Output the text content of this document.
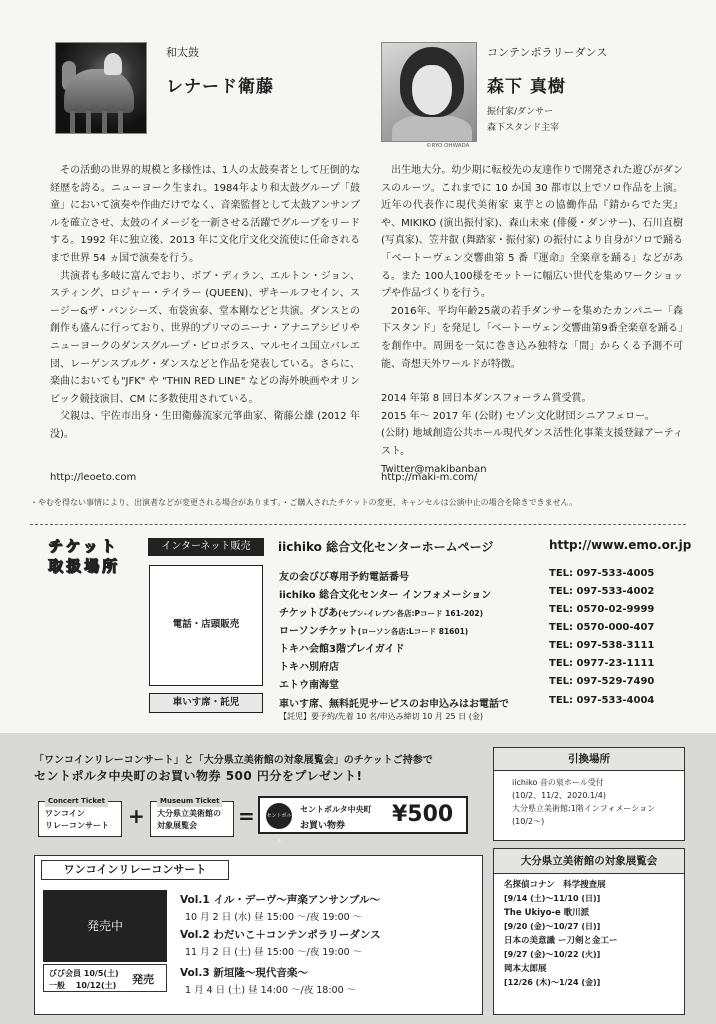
和太鼓
レナード衛藤
©RYO OHWADA
コンテンポラリーダンス
森下 真樹
振付家/ダンサー
森下スタンド主宰

その活動の世界的規模と多様性は、1人の太鼓奏者として圧倒的な経歴を誇る。ニューヨーク生まれ。1984年より和太鼓グループ「鼓童」において演奏や作曲だけでなく、音楽監督として太鼓アンサンブルを確立させ、太鼓のイメージを一新させる活躍でグループをリードする。1992 年に独立後、2013 年に文化庁文化交流使に任命されるまで世界 54 ヵ国で演奏を行う。

共演者も多岐に富んでおり、ボブ・ディラン、エルトン・ジョン、スティング、ロジャー・テイラー (QUEEN)、ザキールフセイン、スージー&ザ・バンシーズ、布袋寅泰、堂本剛などと共演。ダンスとの創作も盛んに行っており、世界的プリマのニーナ・アナニアシビリやニューヨークのダンスグループ・ピロボラス、マルセイユ国立バレエ団、レーゲンスブルグ・ダンスなどと作品を発表している。さらに、楽曲においても"JFK" や "THIN RED LINE" などの海外映画やオリンピック競技演目、CM に多数使用されている。

父親は、宇佐市出身・生田衛藤流家元箏曲家、衛藤公雄 (2012 年没)。

http://leoeto.com

出生地大分。幼少期に転校先の友達作りで開発された遊びがダンスのルーツ。これまでに 10 か国 30 都市以上でソロ作品を上演。近年の代表作に現代美術家 東芋との協働作品『錆からでた実』や、MIKIKO (演出振付家)、森山未來 (俳優・ダンサー)、石川直樹 (写真家)、笠井叡 (舞踏家・振付家) の振付により自身がソロで踊る「ベートーヴェン交響曲第 5 番『運命』全楽章を踊る」などがある。また 100人100様をモットーに幅広い世代を集めワークショップや作品づくりを行う。

2016年、平均年齢25歳の若手ダンサーを集めたカンパニー「森下スタンド」を発足し「ベートーヴェン交響曲第9番全楽章を踊る」を創作中。周囲を一気に巻き込み独特な「間」からくる予測不可能、奇想天外ワールドが特徴。

2014 年第 8 回日本ダンスフォーラム賞受賞。

2015 年～ 2017 年 (公財) セゾン文化財団シニアフェロー。

(公財) 地域創造公共ホール現代ダンス活性化事業支援登録アーティスト。

Twitter@makibanban

http://maki-m.com/
・やむを得ない事情により、出演者などが変更される場合があります。・ご購入されたチケットの変更、キャンセルは公演中止の場合を除きできません。
チケット取扱場所
インターネット販売	iichiko 総合文化センターホームページ	http://www.emo.or.jp
電話・店頭販売
車いす席・託児
友の会びび専用予約電話番号	TEL: 097-533-4005
iichiko 総合文化センター インフォメーション	TEL: 097-533-4002
チケットぴあ(セブン-イレブン各店:Pコード 161-202)	TEL: 0570-02-9999
ローソンチケット(ローソン各店:Lコード 81601)	TEL: 0570-000-407
トキハ会館3階プレイガイド	TEL: 097-538-3111
トキハ別府店	TEL: 0977-23-1111
エトウ南海堂	TEL: 097-529-7490
車いす席、無料託児サービスのお申込みはお電話で	TEL: 097-533-4004
【託児】要予約/先着 10 名/申込み締切 10 月 25 日 (金)
「ワンコインリレーコンサート」と「大分県立美術館の対象展覧会」のチケットご持参で
セントポルタ中央町のお買い物券 500 円分をプレゼント!
Concert Ticket
ワンコイン
リレーコンサート +
Museum Ticket
大分県立美術館の
対象展覧会	= セントポルタ
セントポルタ中央町
お買い物券 ¥500
引換場所
iichiko 音の泉ホール受付
(10/2、11/2、2020.1/4)
大分県立美術館:1階インフォメーション
(10/2～)
ワンコインリレーコンサート
発売中
びび会員 10/5(土)
一般　 10/12(土) 発売
Vol.1 イル・デーヴ～声楽アンサンブル～
10 月 2 日 (水) 昼 15:00 ～/夜 19:00 ～
Vol.2 わだいこ＋コンテンポラリーダンス
11 月 2 日 (土) 昼 15:00 ～/夜 19:00 ～
Vol.3 新垣隆～現代音楽～
1 月 4 日 (土) 昼 14:00 ～/夜 18:00 ～
大分県立美術館の対象展覧会
名探偵コナン　科学捜査展
[9/14 (土)～11/10 (日)]
The Ukiyo-e 歌川派
[9/20 (金)～10/27 (日)]
日本の美意識 ー刀剣と金工ー
[9/27 (金)～10/22 (火)]
岡本太郎展
[12/26 (木)～1/24 (金)]
